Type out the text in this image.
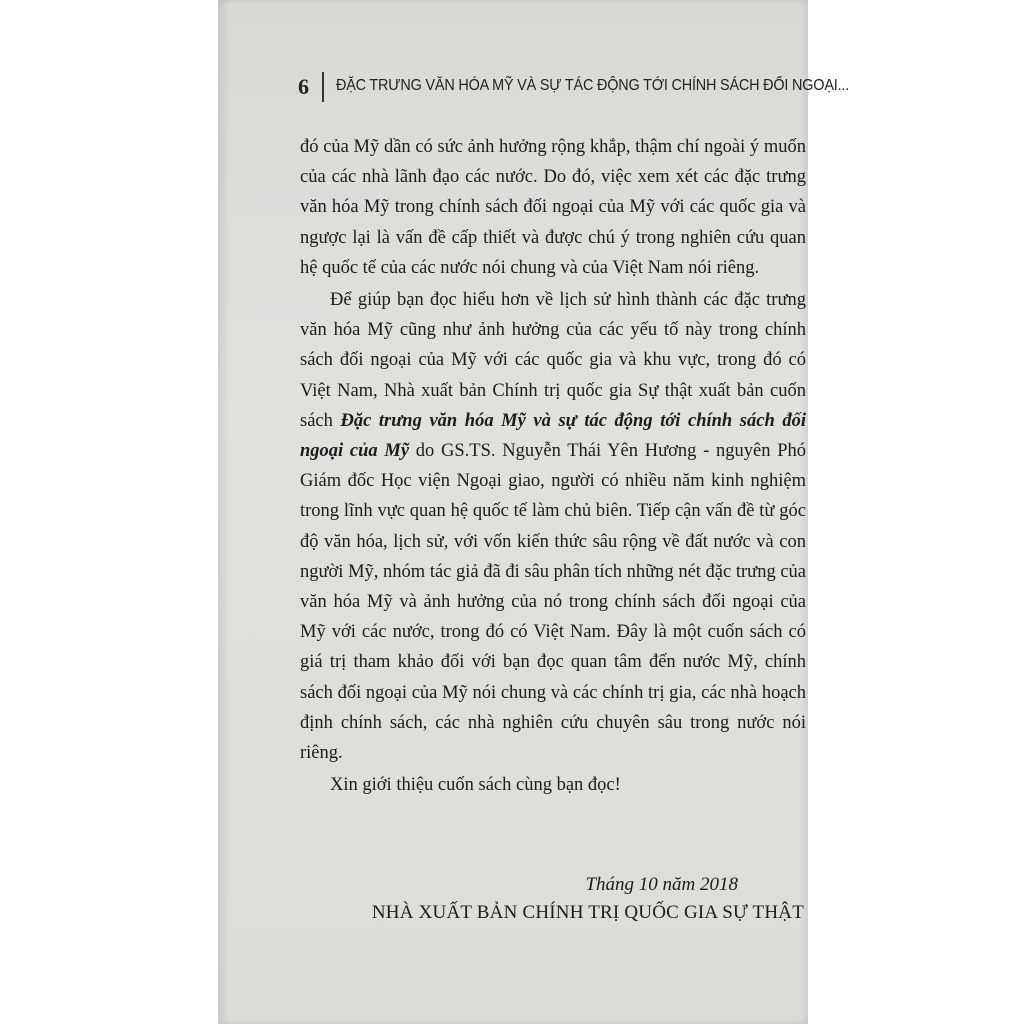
6 ĐẶC TRƯNG VĂN HÓA MỸ VÀ SỰ TÁC ĐỘNG TỚI CHÍNH SÁCH ĐỐI NGOẠI...

đó của Mỹ dần có sức ảnh hưởng rộng khắp, thậm chí ngoài ý muốn của các nhà lãnh đạo các nước. Do đó, việc xem xét các đặc trưng văn hóa Mỹ trong chính sách đối ngoại của Mỹ với các quốc gia và ngược lại là vấn đề cấp thiết và được chú ý trong nghiên cứu quan hệ quốc tế của các nước nói chung và của Việt Nam nói riêng.

Để giúp bạn đọc hiểu hơn về lịch sử hình thành các đặc trưng văn hóa Mỹ cũng như ảnh hưởng của các yếu tố này trong chính sách đối ngoại của Mỹ với các quốc gia và khu vực, trong đó có Việt Nam, Nhà xuất bản Chính trị quốc gia Sự thật xuất bản cuốn sách Đặc trưng văn hóa Mỹ và sự tác động tới chính sách đối ngoại của Mỹ do GS.TS. Nguyễn Thái Yên Hương - nguyên Phó Giám đốc Học viện Ngoại giao, người có nhiều năm kinh nghiệm trong lĩnh vực quan hệ quốc tế làm chủ biên. Tiếp cận vấn đề từ góc độ văn hóa, lịch sử, với vốn kiến thức sâu rộng về đất nước và con người Mỹ, nhóm tác giả đã đi sâu phân tích những nét đặc trưng của văn hóa Mỹ và ảnh hưởng của nó trong chính sách đối ngoại của Mỹ với các nước, trong đó có Việt Nam. Đây là một cuốn sách có giá trị tham khảo đối với bạn đọc quan tâm đến nước Mỹ, chính sách đối ngoại của Mỹ nói chung và các chính trị gia, các nhà hoạch định chính sách, các nhà nghiên cứu chuyên sâu trong nước nói riêng.

Xin giới thiệu cuốn sách cùng bạn đọc!

Tháng 10 năm 2018
NHÀ XUẤT BẢN CHÍNH TRỊ QUỐC GIA SỰ THẬT
